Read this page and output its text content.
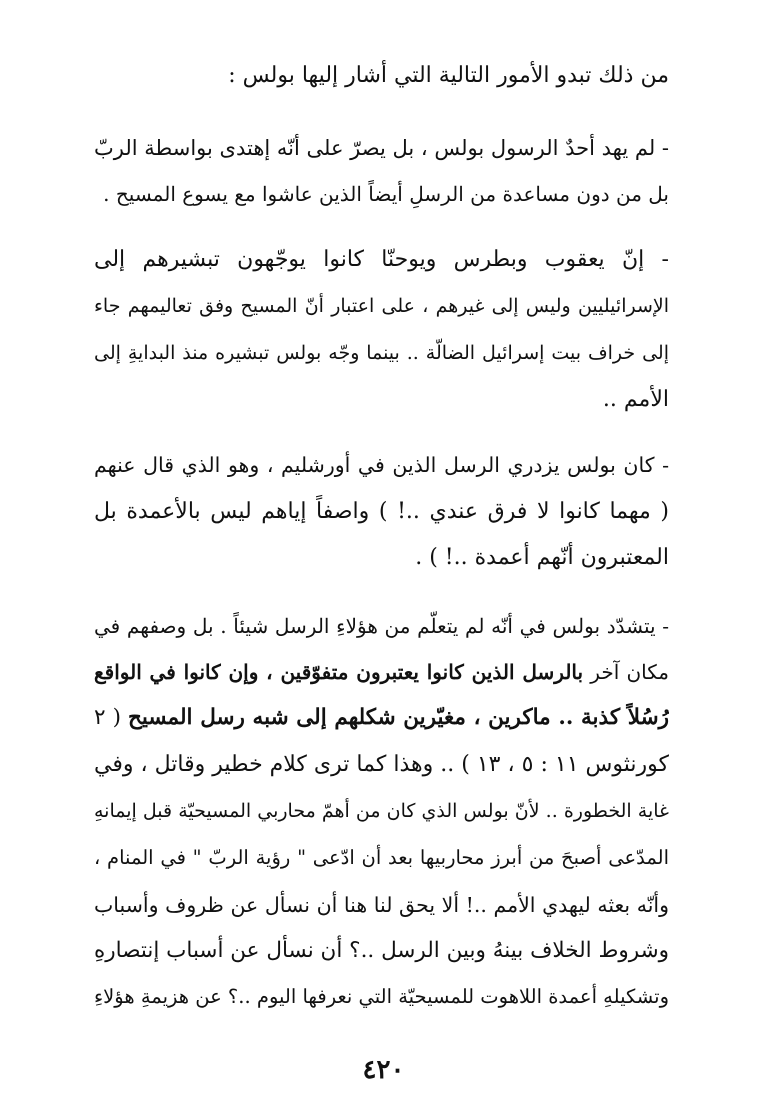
من ذلك تبدو الأمور التالية التي أشار إليها بولس :
- لم يهد أحدٌ الرسول بولس ، بل يصرّ على أنّه إهتدى بواسطة الربّ
بل من دون مساعدة من الرسلِ أيضاً الذين عاشوا مع يسوع المسيح .
- إنّ يعقوب وبطرس ويوحنّا كانوا يوجّهون تبشيرهم إلى
الإسرائيليين وليس إلى غيرهم ، على اعتبار أنّ المسيح وفق تعاليمهم جاء
إلى خراف بيت إسرائيل الضالّة .. بينما وجّه بولس تبشيره منذ البدايةِ إلى
الأمم ..
- كان بولس يزدري الرسل الذين في أورشليم ، وهو الذي قال عنهم
( مهما كانوا لا فرق عندي ..! ) واصفاً إياهم ليس بالأعمدة بل
المعتبرون أنّهم أعمدة ..! ) .
- يتشدّد بولس في أنّه لم يتعلّم من هؤلاءِ الرسل شيئاً . بل وصفهم في
مكان آخر بالرسل الذين كانوا يعتبرون متفوّقين ، وإن كانوا في الواقع
رُسُلاً كذبة .. ماكرين ، مغيّرين شكلهم إلى شبه رسل المسيح ( ٢
كورنثوس ١١ : ٥ ، ١٣ ) .. وهذا كما ترى كلام خطير وقاتل ، وفي
غاية الخطورة .. لأنّ بولس الذي كان من أهمّ محاربي المسيحيّة قبل إيمانهِ
المدّعى أصبحَ من أبرز محاربيها بعد أن ادّعى " رؤية الربّ " في المنام ،
وأنّه بعثه ليهدي الأمم ..! ألا يحق لنا هنا أن نسأل عن ظروف وأسباب
وشروط الخلاف بينهُ وبين الرسل ..؟ أن نسأل عن أسباب إنتصارهِ
وتشكيلهِ أعمدة اللاهوت للمسيحيّة التي نعرفها اليوم ..؟ عن هزيمةِ هؤلاءِ
٤٢٠
